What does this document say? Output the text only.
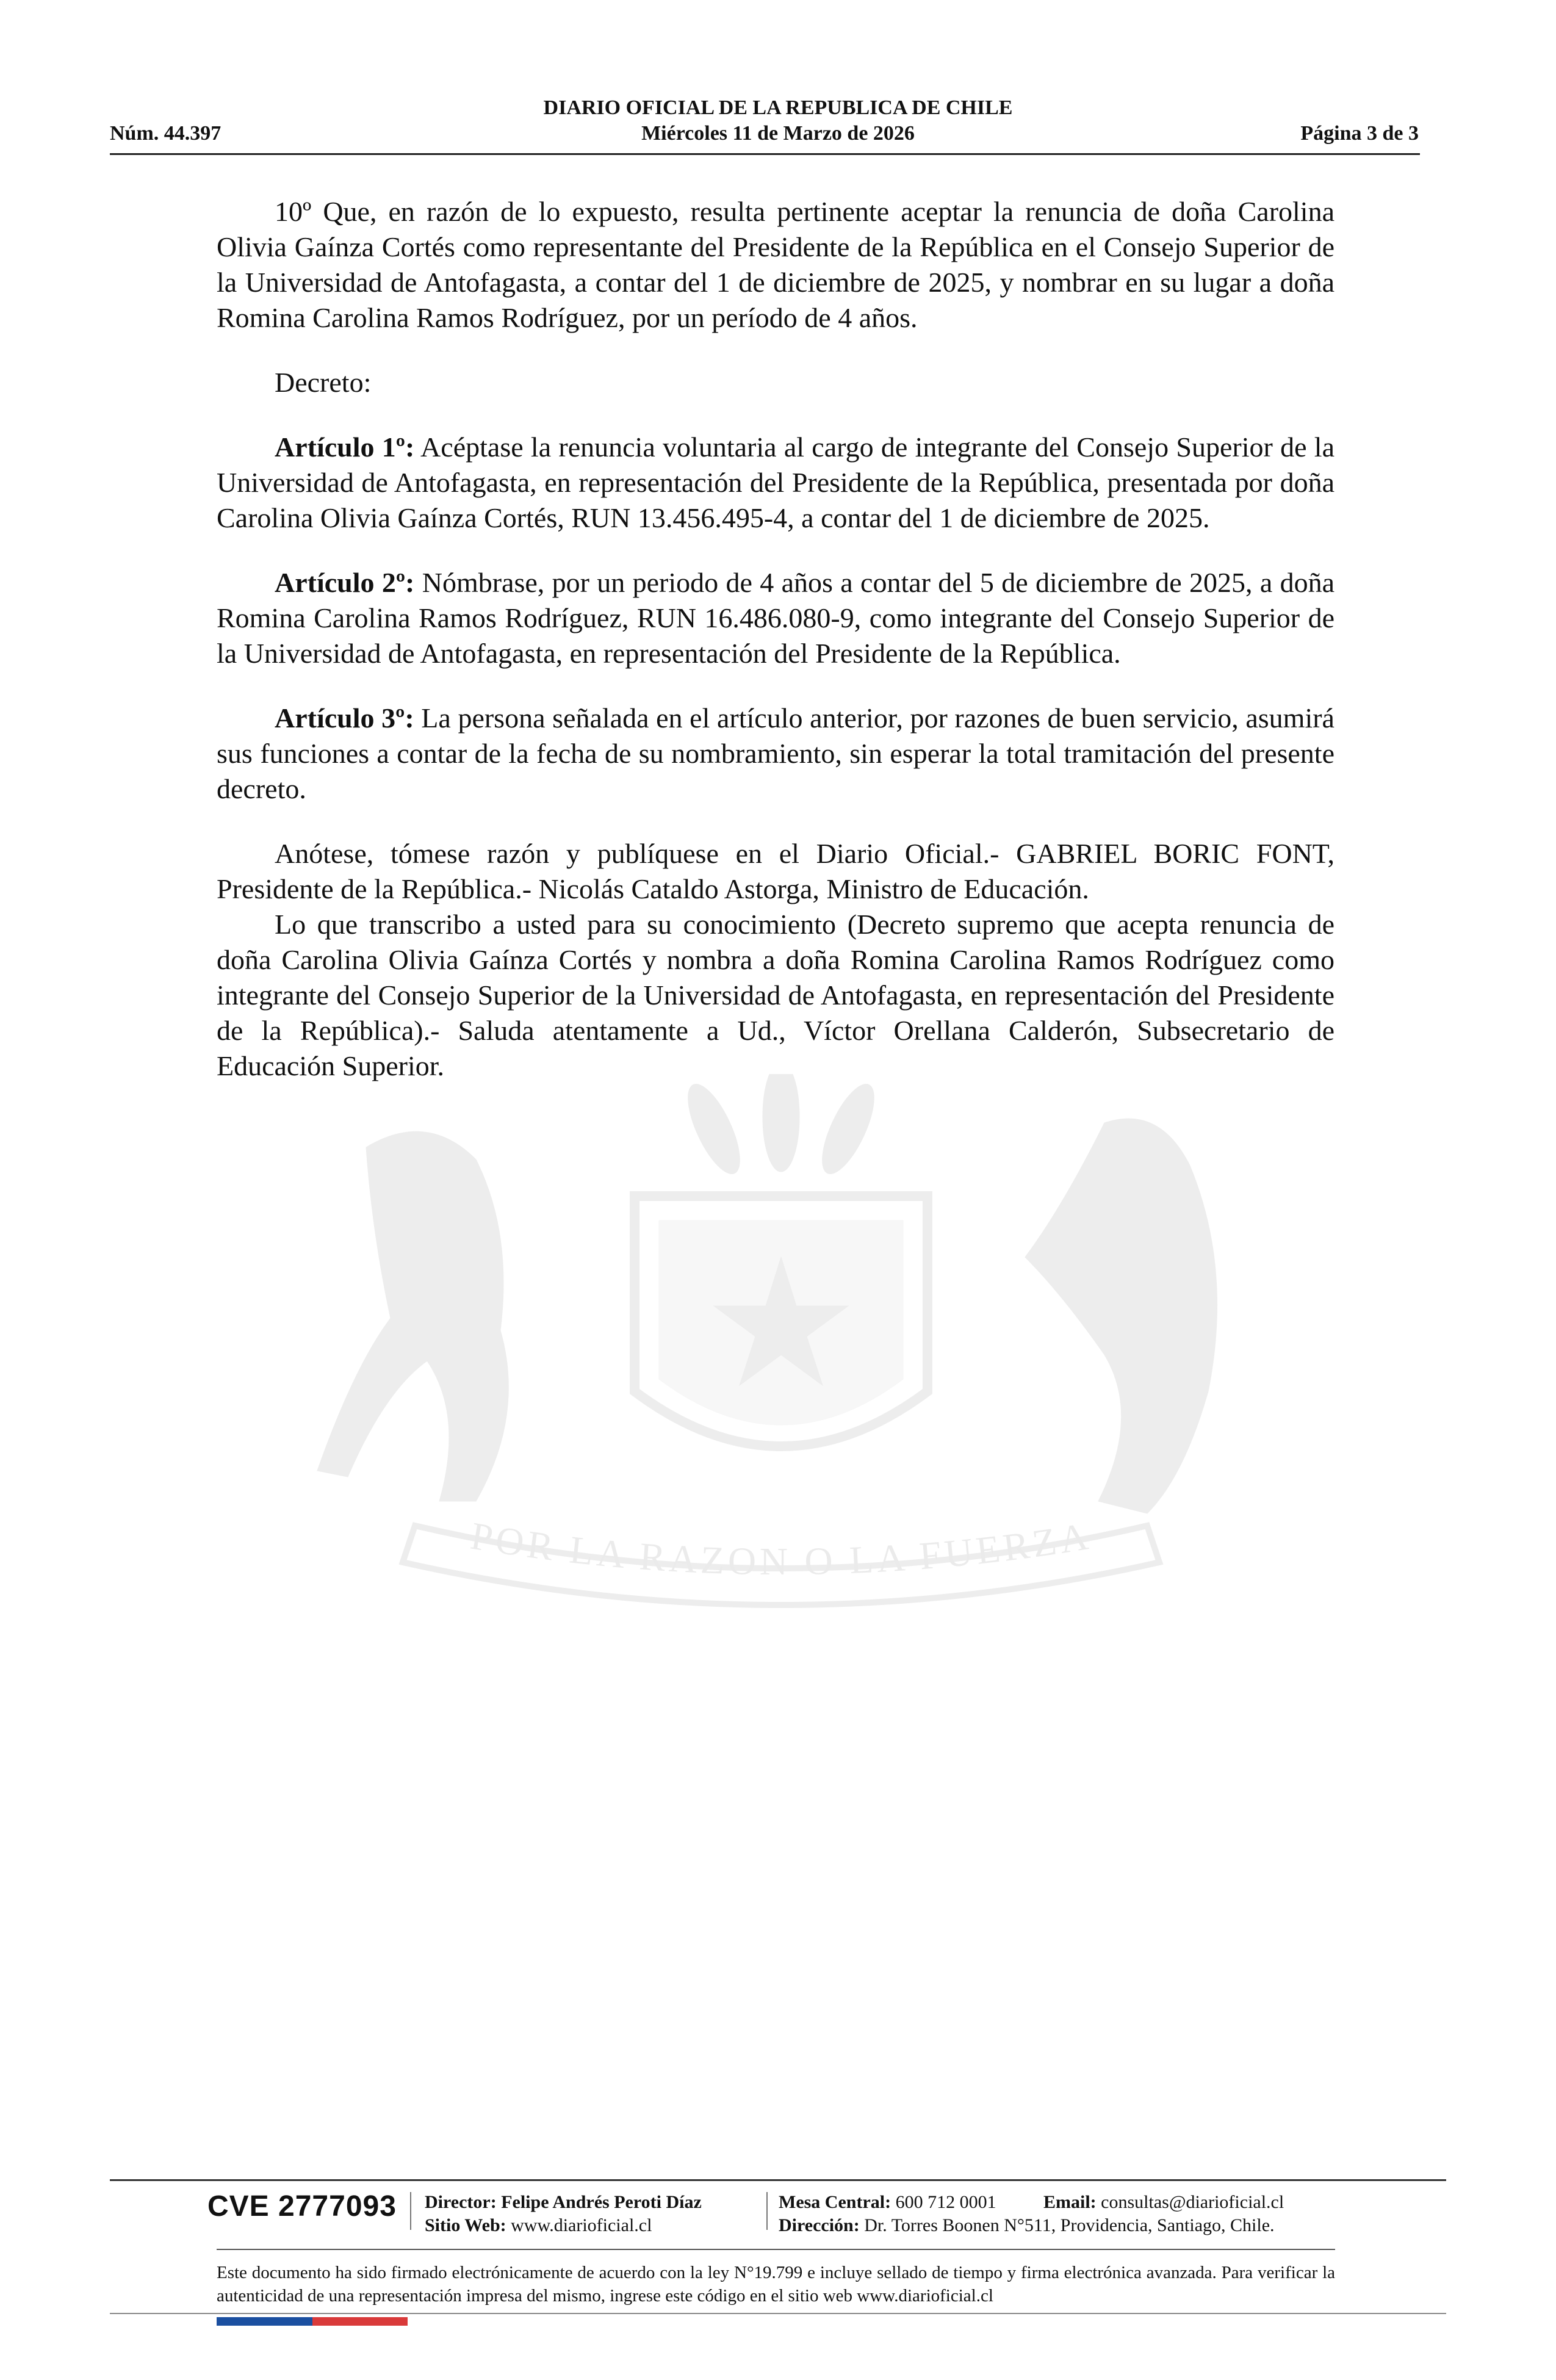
Núm. 44.397
DIARIO OFICIAL DE LA REPUBLICA DE CHILE
Miércoles 11 de Marzo de 2026	Página 3 de 3
POR LA RAZON O LA FUERZA

10º Que, en razón de lo expuesto, resulta pertinente aceptar la renuncia de doña Carolina Olivia Gaínza Cortés como representante del Presidente de la República en el Consejo Superior de la Universidad de Antofagasta, a contar del 1 de diciembre de 2025, y nombrar en su lugar a doña Romina Carolina Ramos Rodríguez, por un período de 4 años.

Decreto:

Artículo 1º: Acéptase la renuncia voluntaria al cargo de integrante del Consejo Superior de la Universidad de Antofagasta, en representación del Presidente de la República, presentada por doña Carolina Olivia Gaínza Cortés, RUN 13.456.495-4, a contar del 1 de diciembre de 2025.

Artículo 2º: Nómbrase, por un periodo de 4 años a contar del 5 de diciembre de 2025, a doña Romina Carolina Ramos Rodríguez, RUN 16.486.080-9, como integrante del Consejo Superior de la Universidad de Antofagasta, en representación del Presidente de la República.

Artículo 3º: La persona señalada en el artículo anterior, por razones de buen servicio, asumirá sus funciones a contar de la fecha de su nombramiento, sin esperar la total tramitación del presente decreto.

Anótese, tómese razón y publíquese en el Diario Oficial.- GABRIEL BORIC FONT, Presidente de la República.- Nicolás Cataldo Astorga, Ministro de Educación.

Lo que transcribo a usted para su conocimiento (Decreto supremo que acepta renuncia de doña Carolina Olivia Gaínza Cortés y nombra a doña Romina Carolina Ramos Rodríguez como integrante del Consejo Superior de la Universidad de Antofagasta, en representación del Presidente de la República).- Saluda atentamente a Ud., Víctor Orellana Calderón, Subsecretario de Educación Superior.

CVE 2777093 Director: Felipe Andrés Peroti Díaz
Sitio Web: www.diarioficial.cl
Mesa Central: 600 712 0001
Dirección: Dr. Torres Boonen N°511, Providencia, Santiago, Chile.
Email: consultas@diarioficial.cl
Este documento ha sido firmado electrónicamente de acuerdo con la ley N°19.799 e incluye sellado de tiempo y firma electrónica avanzada. Para verificar la autenticidad de una representación impresa del mismo, ingrese este código en el sitio web www.diarioficial.cl
